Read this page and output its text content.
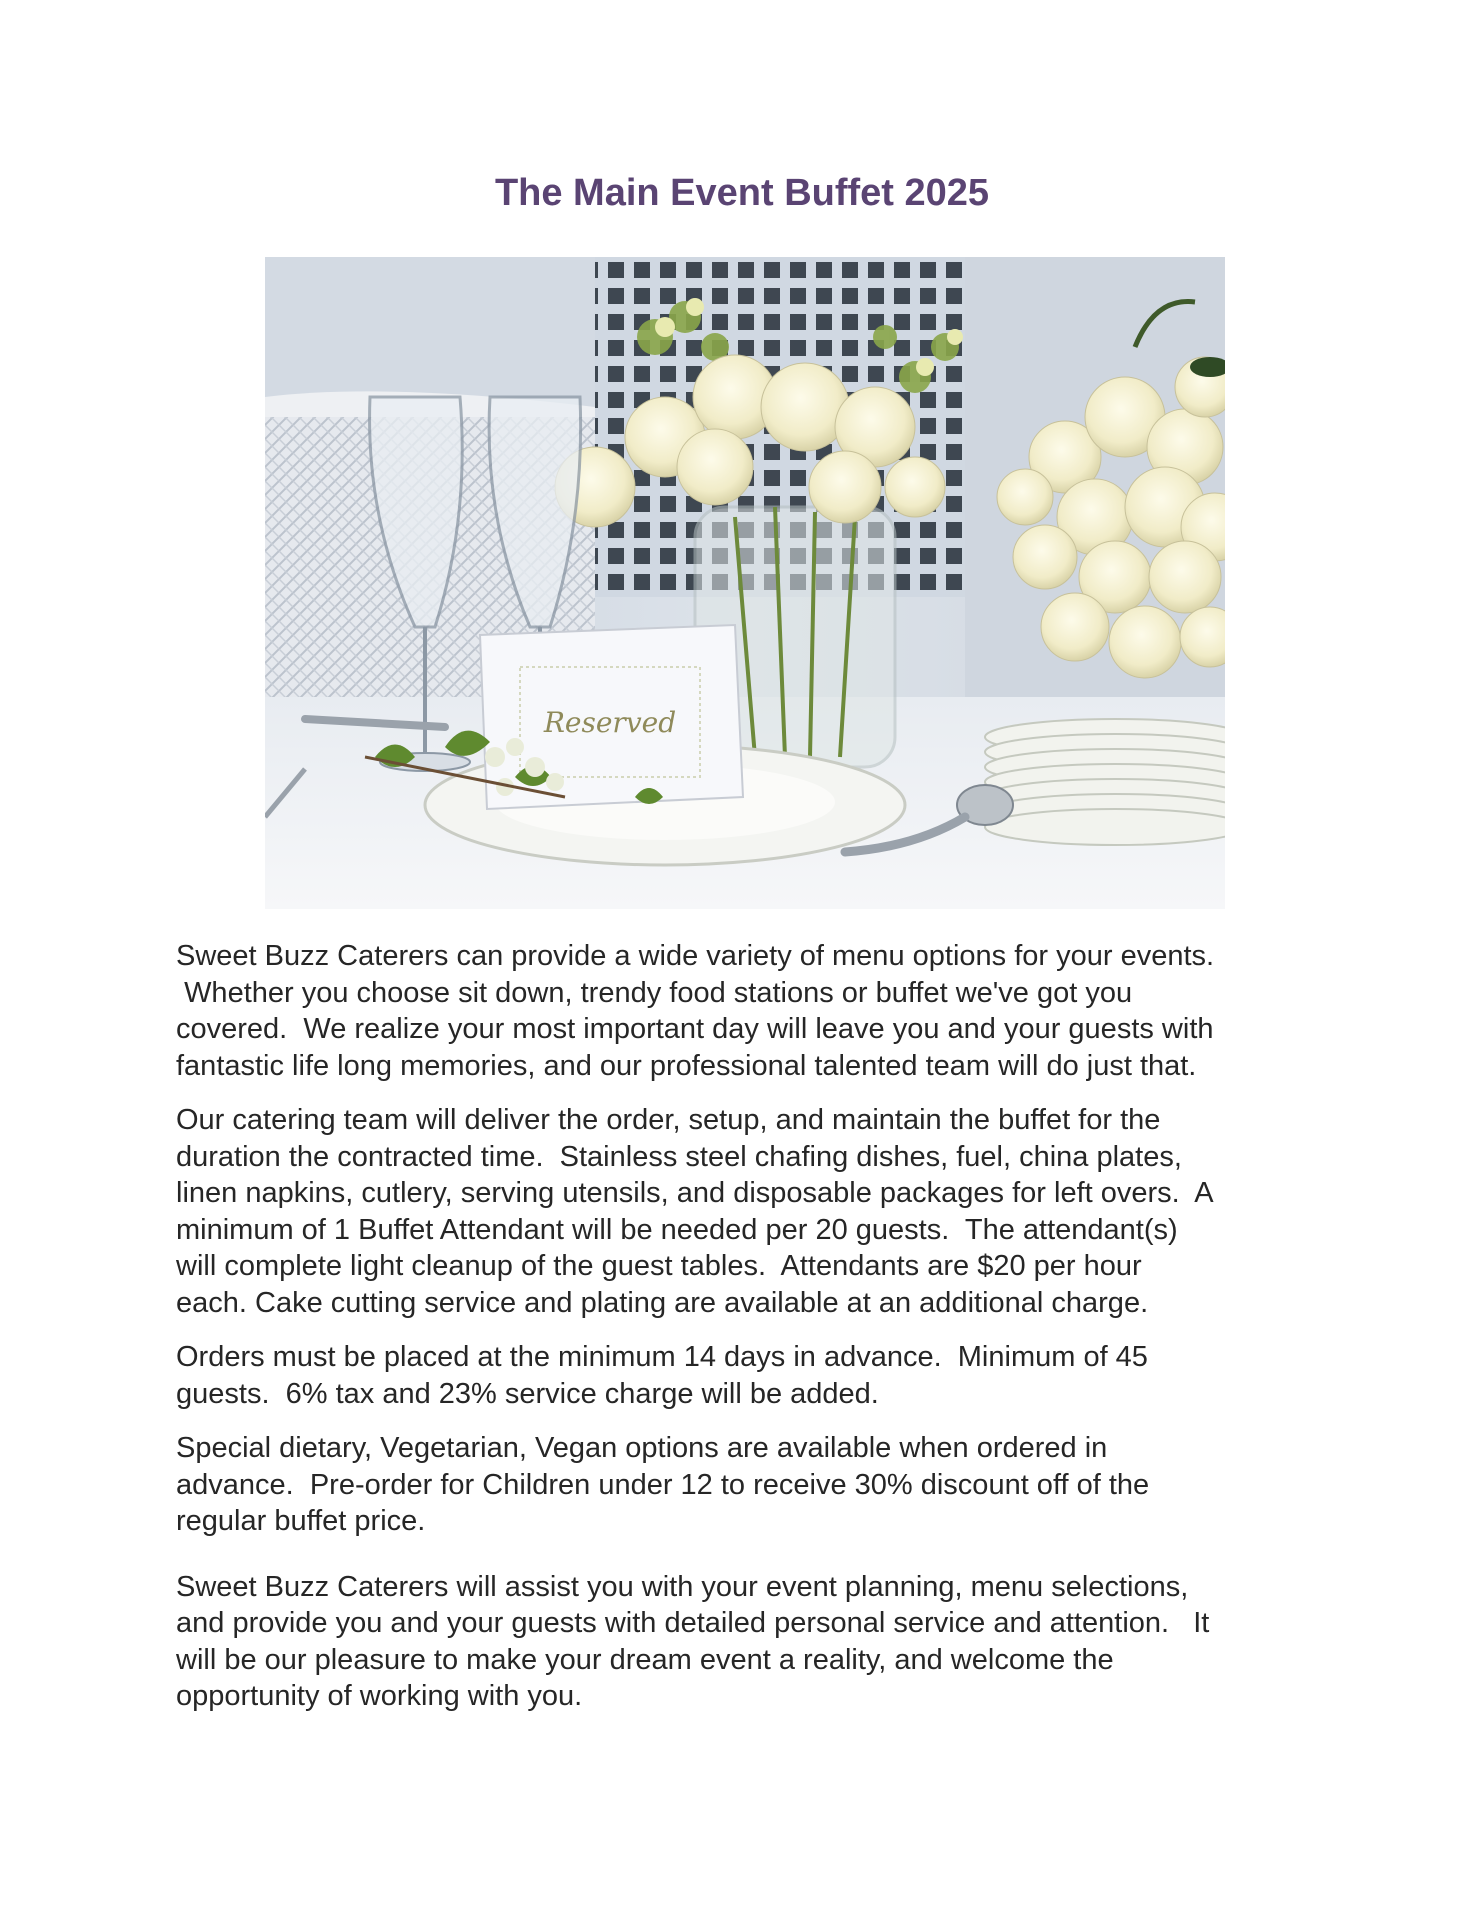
The Main Event Buffet 2025
Reserved

Sweet Buzz Caterers can provide a wide variety of menu options for your events.
Whether you choose sit down, trendy food stations or buffet we've got you
covered.  We realize your most important day will leave you and your guests with
fantastic life long memories, and our professional talented team will do just that.

Our catering team will deliver the order, setup, and maintain the buffet for the
duration the contracted time.  Stainless steel chafing dishes, fuel, china plates,
linen napkins, cutlery, serving utensils, and disposable packages for left overs.  A
minimum of 1 Buffet Attendant will be needed per 20 guests.  The attendant(s)
will complete light cleanup of the guest tables.  Attendants are $20 per hour
each. Cake cutting service and plating are available at an additional charge.

Orders must be placed at the minimum 14 days in advance.  Minimum of 45
guests.  6% tax and 23% service charge will be added.

Special dietary, Vegetarian, Vegan options are available when ordered in
advance.  Pre-order for Children under 12 to receive 30% discount off of the
regular buffet price.

Sweet Buzz Caterers will assist you with your event planning, menu selections,
and provide you and your guests with detailed personal service and attention.   It
will be our pleasure to make your dream event a reality, and welcome the
opportunity of working with you.
